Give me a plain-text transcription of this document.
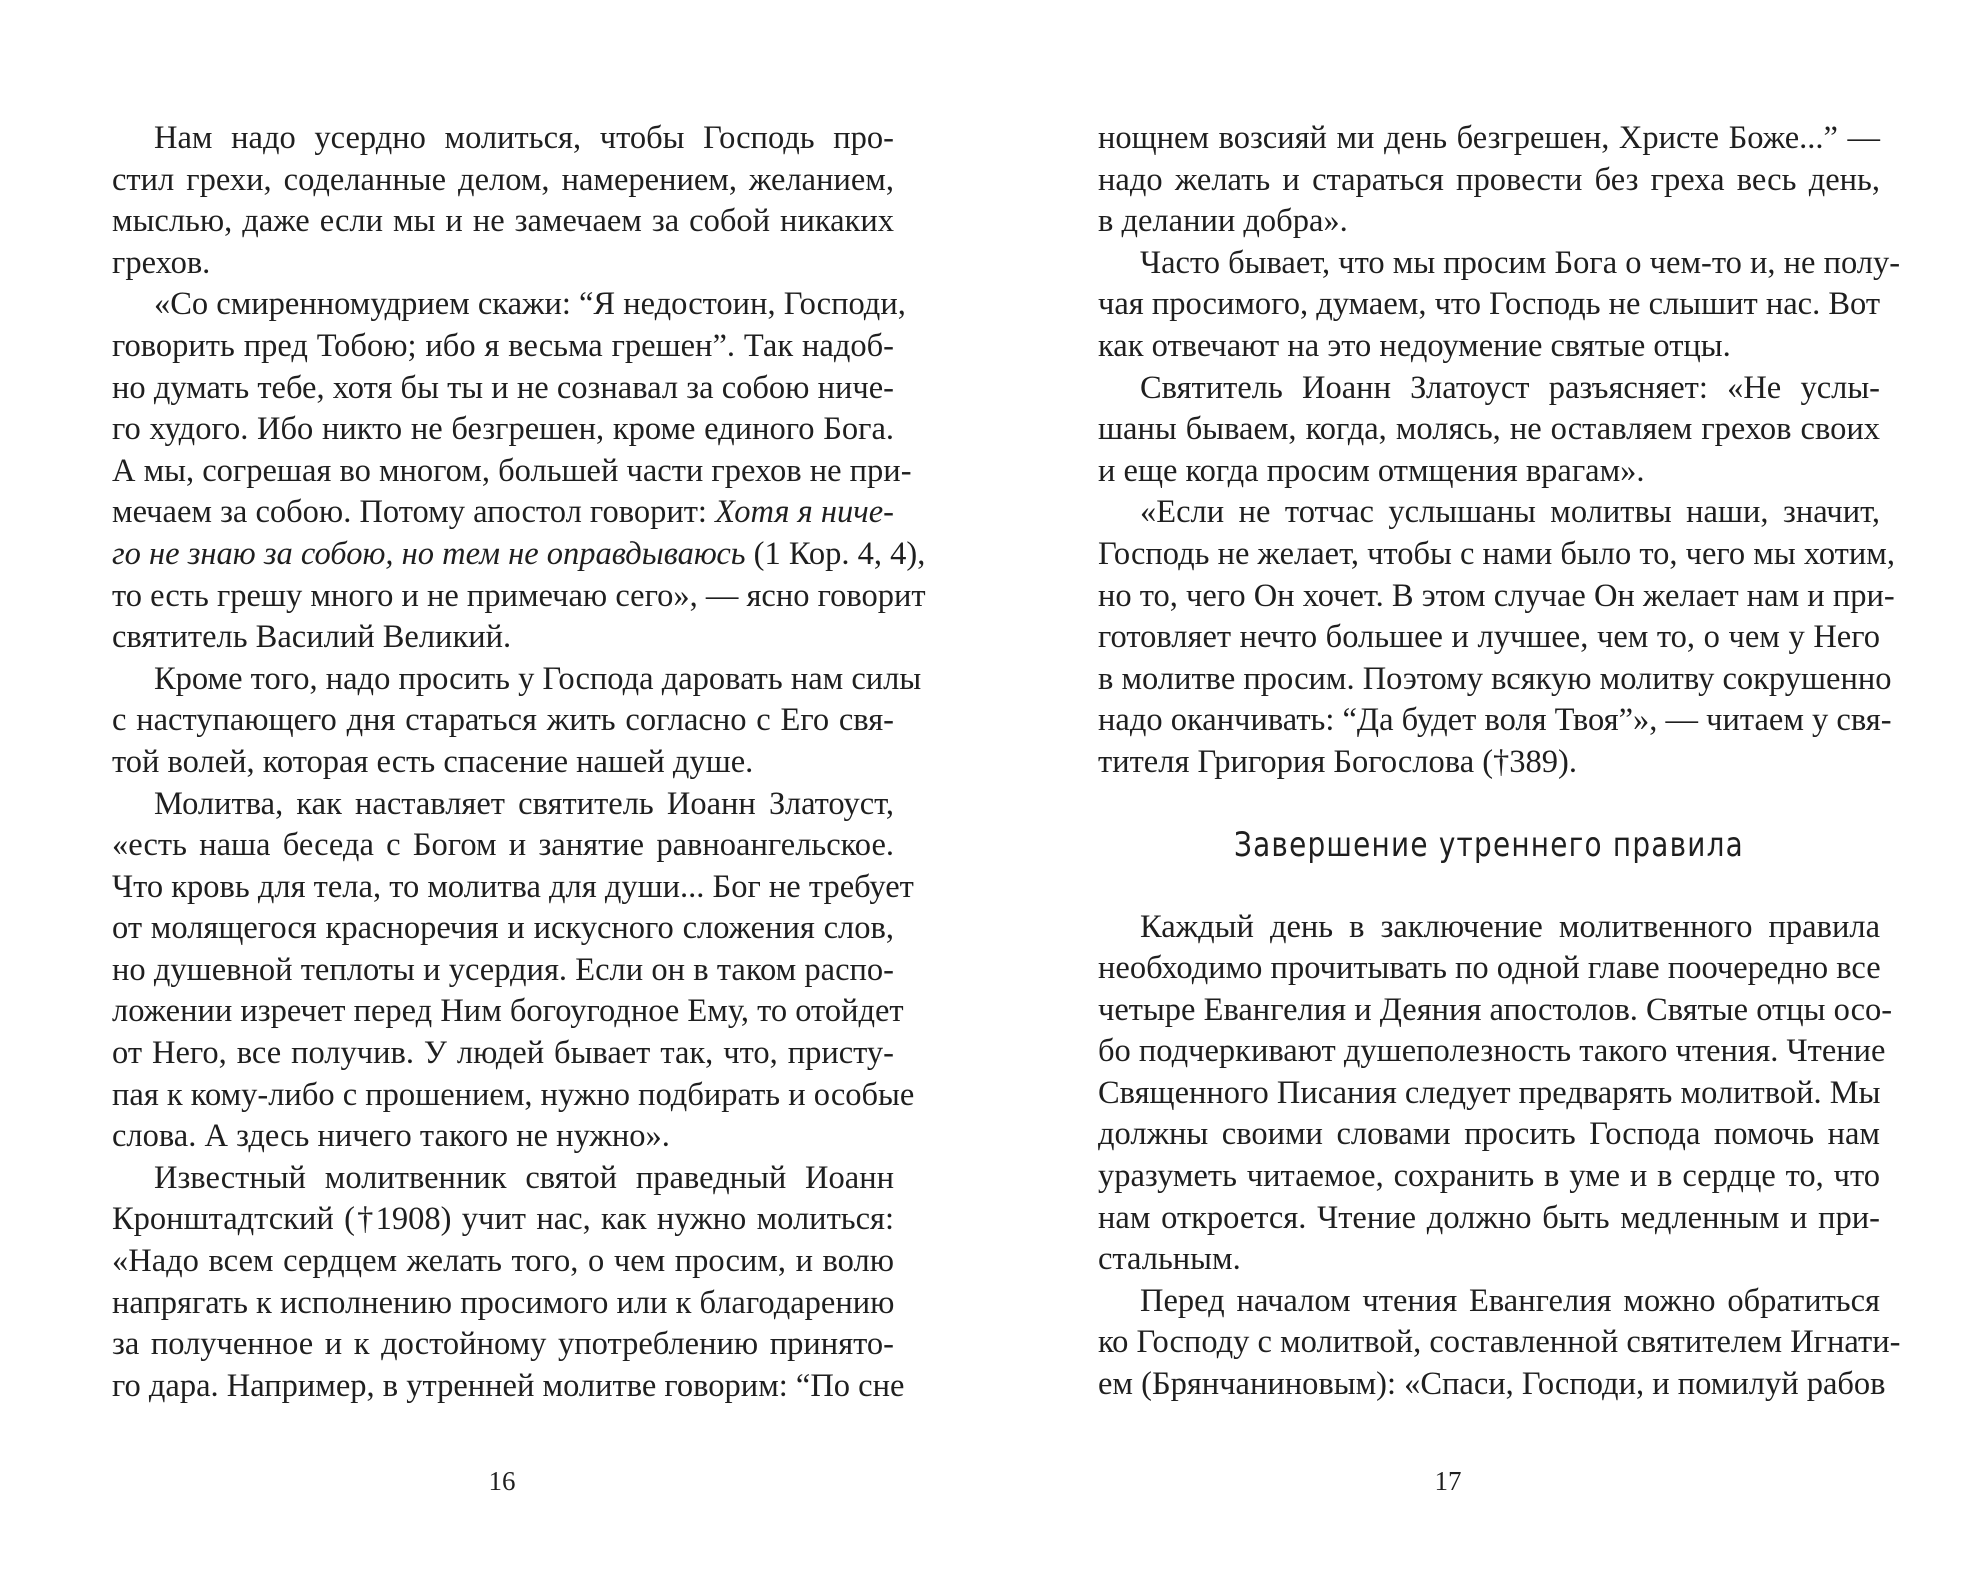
Нам надо усердно молиться, чтобы Господь про-
стил грехи, соделанные делом, намерением, желанием,
мыслью, даже если мы и не замечаем за собой никаких
грехов.
«Со смиренномудрием скажи: “Я недостоин, Господи,
говорить пред Тобою; ибо я весьма грешен”. Так надоб-
но думать тебе, хотя бы ты и не сознавал за собою ниче-
го худого. Ибо никто не безгрешен, кроме единого Бога.
А мы, согрешая во многом, большей части грехов не при-
мечаем за собою. Потому апостол говорит: Хотя я ниче-
го не знаю за собою, но тем не оправдываюсь (1 Кор. 4, 4),
то есть грешу много и не примечаю сего», — ясно говорит
святитель Василий Великий.
Кроме того, надо просить у Господа даровать нам силы
с наступающего дня стараться жить согласно с Его свя-
той волей, которая есть спасение нашей душе.
Молитва, как наставляет святитель Иоанн Златоуст,
«есть наша беседа с Богом и занятие равноангельское.
Что кровь для тела, то молитва для души... Бог не требует
от молящегося красноречия и искусного сложения слов,
но душевной теплоты и усердия. Если он в таком распо-
ложении изречет перед Ним богоугодное Ему, то отойдет
от Него, все получив. У людей бывает так, что, присту-
пая к кому-либо с прошением, нужно подбирать и особые
слова. А здесь ничего такого не нужно».
Известный молитвенник святой праведный Иоанн
Кронштадтский (†1908) учит нас, как нужно молиться:
«Надо всем сердцем желать того, о чем просим, и волю
напрягать к исполнению просимого или к благодарению
за полученное и к достойному употреблению принято-
го дара. Например, в утренней молитве говорим: “По сне
16
нощнем возсияй ми день безгрешен, Христе Боже...” —
надо желать и стараться провести без греха весь день,
в делании добра».
Часто бывает, что мы просим Бога о чем-то и, не полу-
чая просимого, думаем, что Господь не слышит нас. Вот
как отвечают на это недоумение святые отцы.
Святитель Иоанн Златоуст разъясняет: «Не услы-
шаны бываем, когда, молясь, не оставляем грехов своих
и еще когда просим отмщения врагам».
«Если не тотчас услышаны молитвы наши, значит,
Господь не желает, чтобы с нами было то, чего мы хотим,
но то, чего Он хочет. В этом случае Он желает нам и при-
готовляет нечто большее и лучшее, чем то, о чем у Него
в молитве просим. Поэтому всякую молитву сокрушенно
надо оканчивать: “Да будет воля Твоя”», — читаем у свя-
тителя Григория Богослова (†389).
Завершение утреннего правила
Каждый день в заключение молитвенного правила
необходимо прочитывать по одной главе поочередно все
четыре Евангелия и Деяния апостолов. Святые отцы осо-
бо подчеркивают душеполезность такого чтения. Чтение
Священного Писания следует предварять молитвой. Мы
должны своими словами просить Господа помочь нам
уразуметь читаемое, сохранить в уме и в сердце то, что
нам откроется. Чтение должно быть медленным и при-
стальным.
Перед началом чтения Евангелия можно обратиться
ко Господу с молитвой, составленной святителем Игнати-
ем (Брянчаниновым): «Спаси, Господи, и помилуй рабов
17
